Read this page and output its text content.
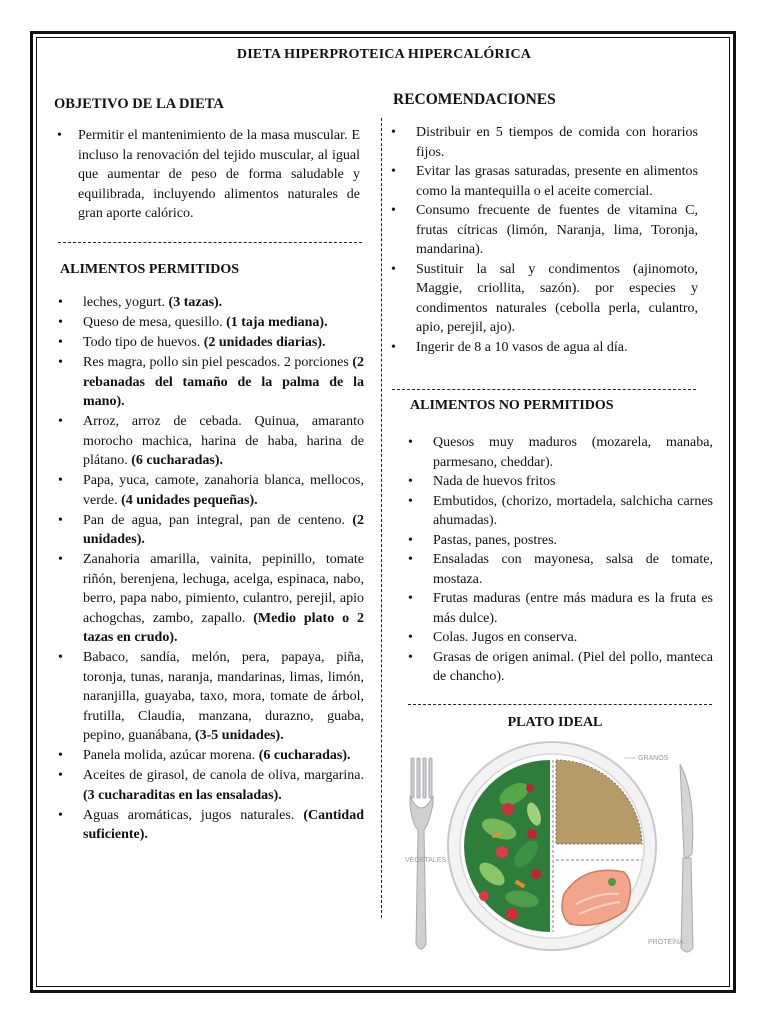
DIETA HIPERPROTEICA HIPERCALÓRICA
OBJETIVO DE LA DIETA
• Permitir el mantenimiento de la masa muscular. E incluso la renovación del tejido muscular, al igual que aumentar de peso de forma saludable y equilibrada, incluyendo alimentos naturales de gran aporte calórico.
ALIMENTOS PERMITIDOS
• leches, yogurt. (3 tazas).
• Queso de mesa, quesillo. (1 taja mediana).
• Todo tipo de huevos. (2 unidades diarias).
• Res magra, pollo sin piel pescados. 2 porciones (2 rebanadas del tamaño de la palma de la mano).
• Arroz, arroz de cebada. Quinua, amaranto morocho machica, harina de haba, harina de plátano. (6 cucharadas).
• Papa, yuca, camote, zanahoria blanca, mellocos, verde. (4 unidades pequeñas).
• Pan de agua, pan integral, pan de centeno. (2 unidades).
• Zanahoria amarilla, vainita, pepinillo, tomate riñón, berenjena, lechuga, acelga, espinaca, nabo, berro, papa nabo, pimiento, culantro, perejil, apio achogchas, zambo, zapallo. (Medio plato o 2 tazas en crudo).
• Babaco, sandía, melón, pera, papaya, piña, toronja, tunas, naranja, mandarinas, limas, limón, naranjilla, guayaba, taxo, mora, tomate de árbol, frutilla, Claudia, manzana, durazno, guaba, pepino, guanábana, (3-5 unidades).
• Panela molida, azúcar morena. (6 cucharadas).
• Aceites de girasol, de canola de oliva, margarina. (3 cucharaditas en las ensaladas).
• Aguas aromáticas, jugos naturales. (Cantidad suficiente).
RECOMENDACIONES
• Distribuir en 5 tiempos de comida con horarios fijos.
• Evitar las grasas saturadas, presente en alimentos como la mantequilla o el aceite comercial.
• Consumo frecuente de fuentes de vitamina C, frutas cítricas (limón, Naranja, lima, Toronja, mandarina).
• Sustituir la sal y condimentos (ajinomoto, Maggie, criollita, sazón). por especies y condimentos naturales (cebolla perla, culantro, apio, perejil, ajo).
• Ingerir de 8 a 10 vasos de agua al día.
ALIMENTOS NO PERMITIDOS
• Quesos muy maduros (mozarela, manaba, parmesano, cheddar).
• Nada de huevos fritos
• Embutidos, (chorizo, mortadela, salchicha carnes ahumadas).
• Pastas, panes, postres.
• Ensaladas con mayonesa, salsa de tomate, mostaza.
• Frutas maduras (entre más madura es la fruta es más dulce).
• Colas. Jugos en conserva.
• Grasas de origen animal. (Piel del pollo, manteca de chancho).
PLATO IDEAL
GRANOS
VEGETALES
PROTEÍNA
